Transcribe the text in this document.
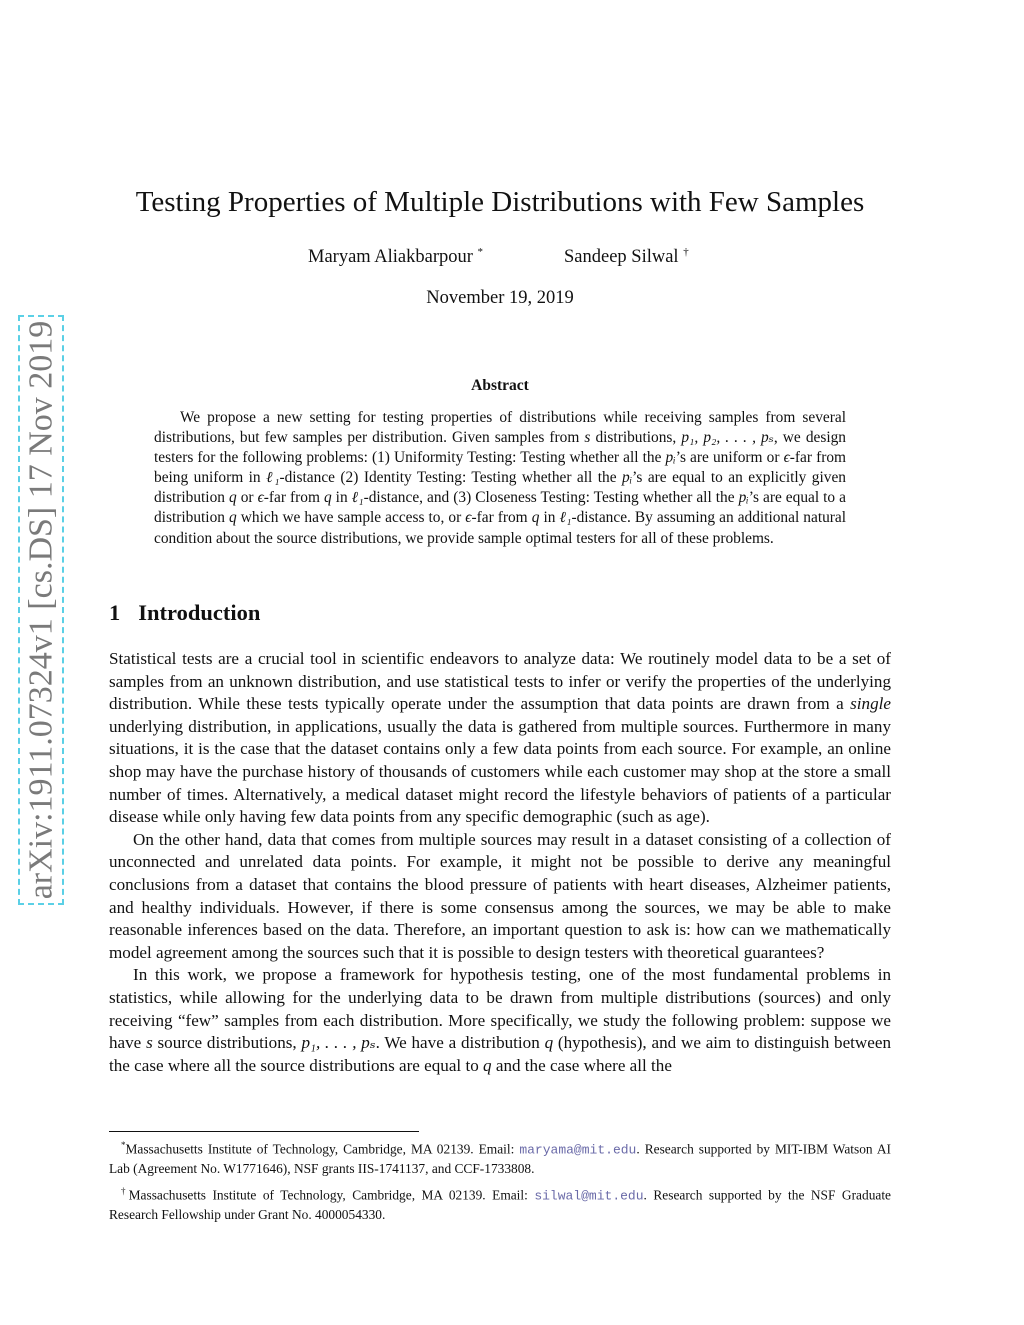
arXiv:1911.07324v1 [cs.DS] 17 Nov 2019
Testing Properties of Multiple Distributions with Few Samples
Maryam Aliakbarpour *	Sandeep Silwal †
November 19, 2019
Abstract
We propose a new setting for testing properties of distributions while receiving samples from several distributions, but few samples per distribution. Given samples from s distributions, p₁, p₂, . . . , pₛ, we design testers for the following problems: (1) Uniformity Testing: Testing whether all the pᵢ’s are uniform or ϵ-far from being uniform in ℓ₁-distance (2) Identity Testing: Testing whether all the pᵢ’s are equal to an explicitly given distribution q or ϵ-far from q in ℓ₁-distance, and (3) Closeness Testing: Testing whether all the pᵢ’s are equal to a distribution q which we have sample access to, or ϵ-far from q in ℓ₁-distance. By assuming an additional natural condition about the source distributions, we provide sample optimal testers for all of these problems.
1 Introduction

Statistical tests are a crucial tool in scientific endeavors to analyze data: We routinely model data to be a set of samples from an unknown distribution, and use statistical tests to infer or verify the properties of the underlying distribution. While these tests typically operate under the assumption that data points are drawn from a single underlying distribution, in applications, usually the data is gathered from multiple sources. Furthermore in many situations, it is the case that the dataset contains only a few data points from each source. For example, an online shop may have the purchase history of thousands of customers while each customer may shop at the store a small number of times. Alternatively, a medical dataset might record the lifestyle behaviors of patients of a particular disease while only having few data points from any specific demographic (such as age).

On the other hand, data that comes from multiple sources may result in a dataset consisting of a collection of unconnected and unrelated data points. For example, it might not be possible to derive any meaningful conclusions from a dataset that contains the blood pressure of patients with heart diseases, Alzheimer patients, and healthy individuals. However, if there is some consensus among the sources, we may be able to make reasonable inferences based on the data. Therefore, an important question to ask is: how can we mathematically model agreement among the sources such that it is possible to design testers with theoretical guarantees?

In this work, we propose a framework for hypothesis testing, one of the most fundamental problems in statistics, while allowing for the underlying data to be drawn from multiple distributions (sources) and only receiving “few” samples from each distribution. More specifically, we study the following problem: suppose we have s source distributions, p₁, . . . , pₛ. We have a distribution q (hypothesis), and we aim to distinguish between the case where all the source distributions are equal to q and the case where all the

*Massachusetts Institute of Technology, Cambridge, MA 02139. Email: maryama@mit.edu. Research supported by MIT-IBM Watson AI Lab (Agreement No. W1771646), NSF grants IIS-1741137, and CCF-1733808.

†Massachusetts Institute of Technology, Cambridge, MA 02139. Email: silwal@mit.edu. Research supported by the NSF Graduate Research Fellowship under Grant No. 4000054330.
